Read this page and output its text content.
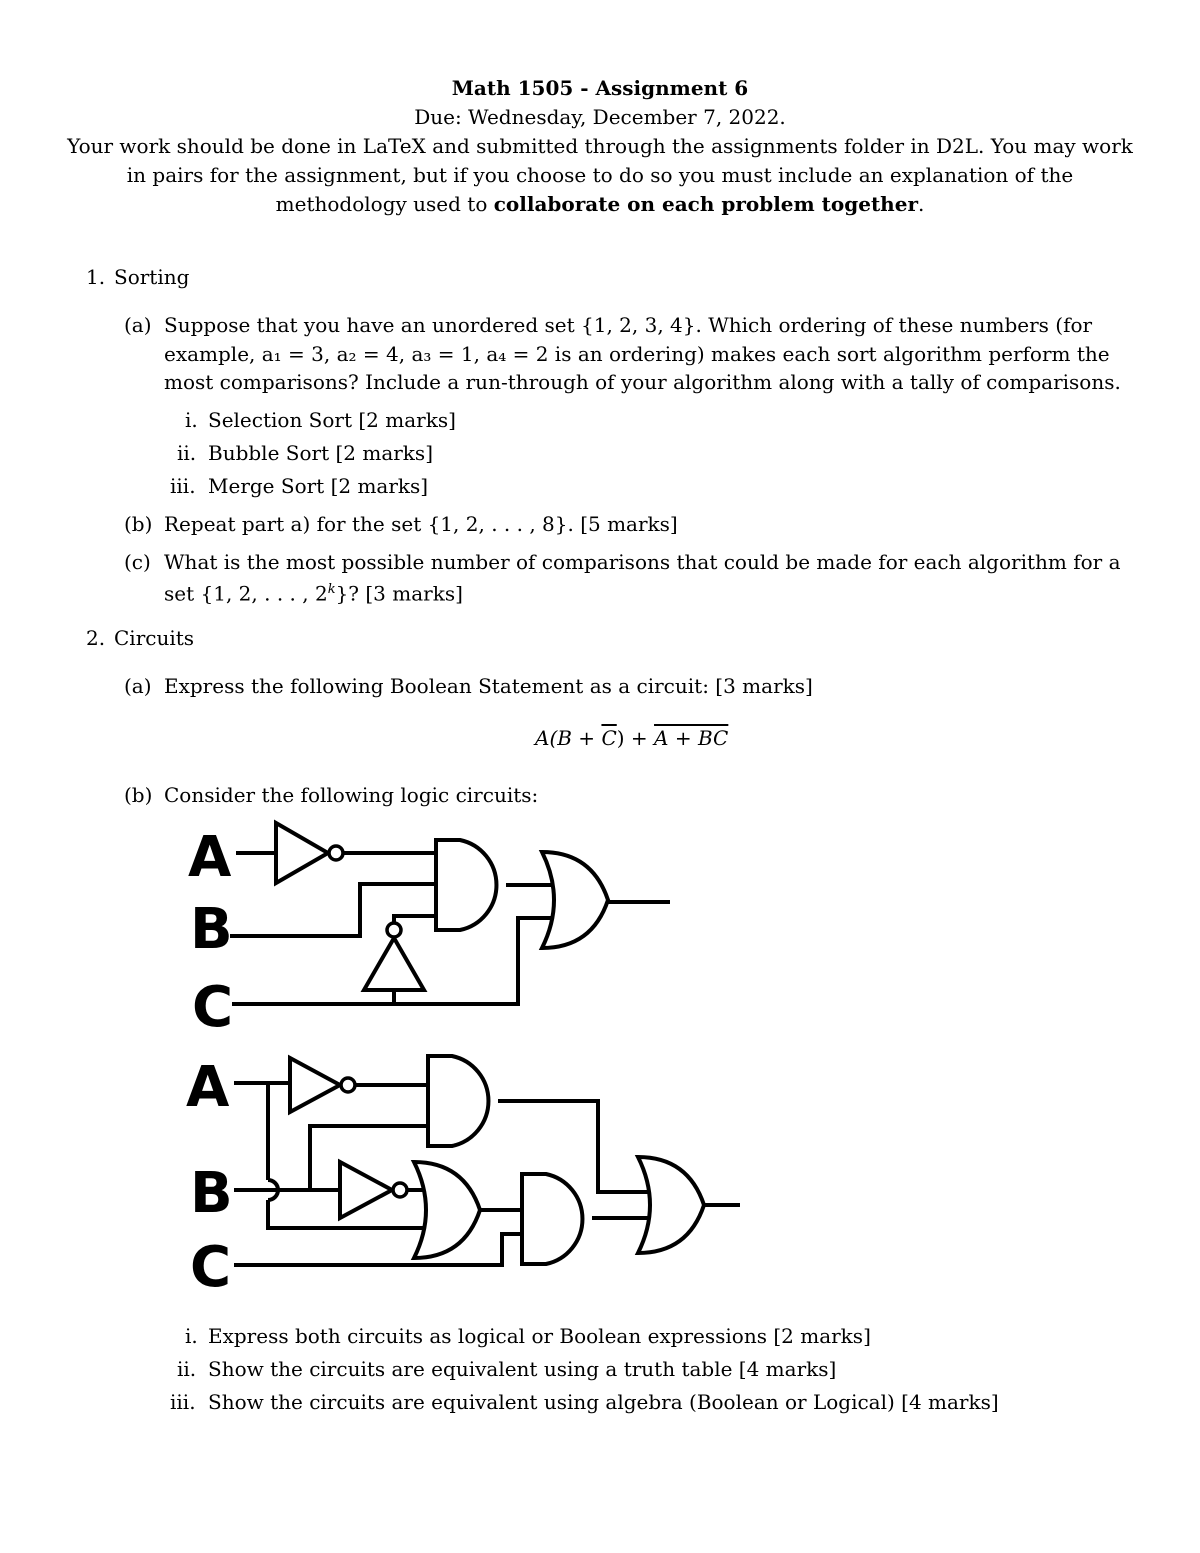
Math 1505 - Assignment 6
Due: Wednesday, December 7, 2022.
Your work should be done in LaTeX and submitted through the assignments folder in D2L. You may work in pairs for the assignment, but if you choose to do so you must include an explanation of the methodology used to collaborate on each problem together.
1. Sorting
(a) Suppose that you have an unordered set {1, 2, 3, 4}. Which ordering of these numbers (for
example, a₁ = 3, a₂ = 4, a₃ = 1, a₄ = 2 is an ordering) makes each sort algorithm perform the
most comparisons? Include a run-through of your algorithm along with a tally of comparisons.
i. Selection Sort [2 marks]
ii. Bubble Sort [2 marks]
iii. Merge Sort [2 marks]
(b) Repeat part a) for the set {1, 2, . . . , 8}. [5 marks]
(c) What is the most possible number of comparisons that could be made for each algorithm for a
set {1, 2, . . . , 2$^k$}? [3 marks]
2. Circuits
(a) Express the following Boolean Statement as a circuit: [3 marks]
$A(B + \overline{C}) + A$ + BC
(b) Consider the following logic circuits:
A
B
C
A
B
C
i. Express both circuits as logical or Boolean expressions [2 marks]
ii. Show the circuits are equivalent using a truth table [4 marks]
iii. Show the circuits are equivalent using algebra (Boolean or Logical) [4 marks]
